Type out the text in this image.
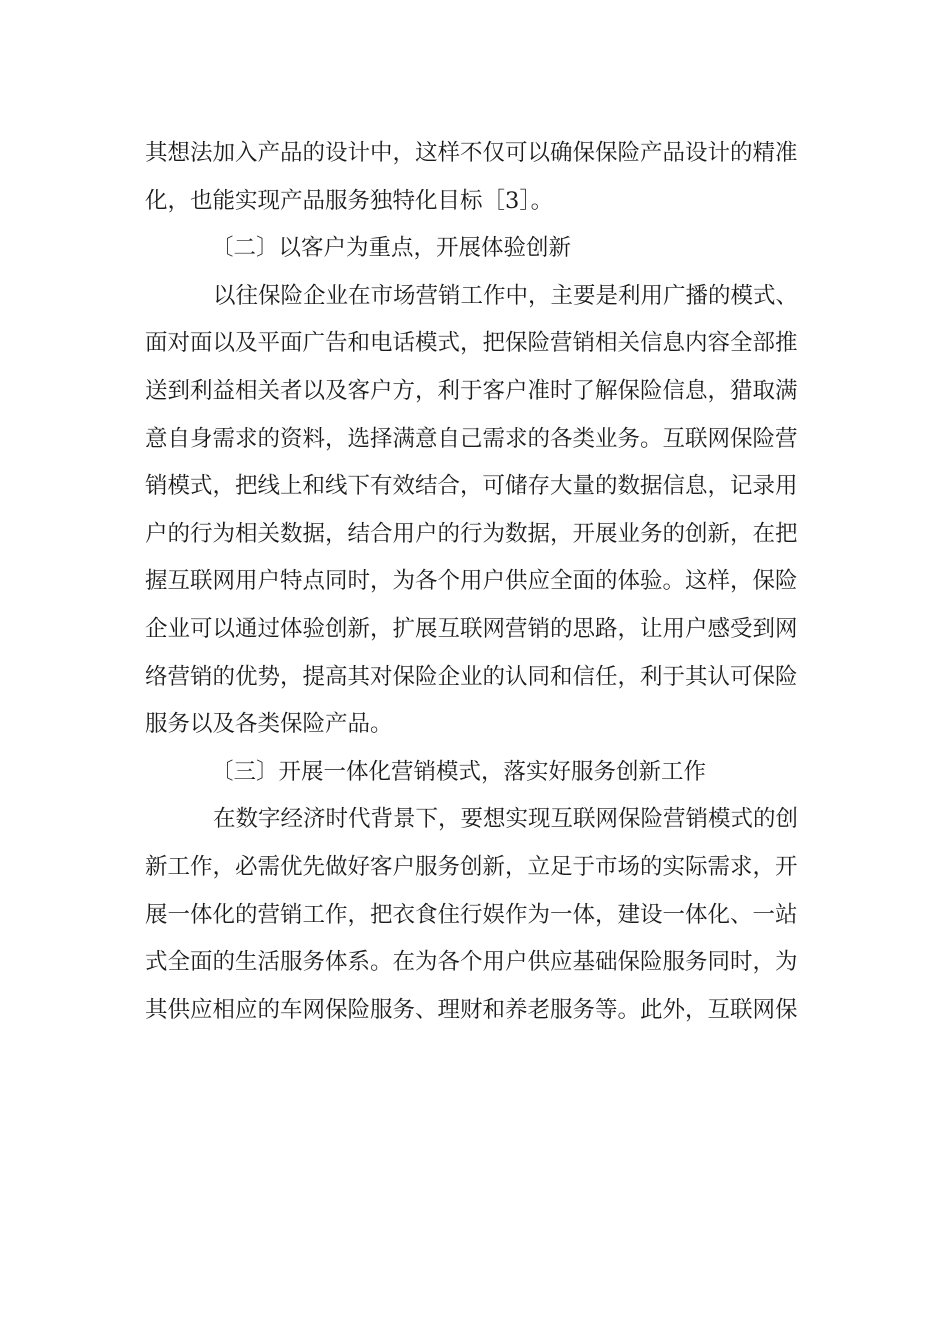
其想法加入产品的设计中，这样不仅可以确保保险产品设计的精准
化，也能实现产品服务独特化目标［3］。
〔二〕以客户为重点，开展体验创新
以往保险企业在市场营销工作中，主要是利用广播的模式、
面对面以及平面广告和电话模式，把保险营销相关信息内容全部推
送到利益相关者以及客户方，利于客户准时了解保险信息，猎取满
意自身需求的资料，选择满意自己需求的各类业务。互联网保险营
销模式，把线上和线下有效结合，可储存大量的数据信息，记录用
户的行为相关数据，结合用户的行为数据，开展业务的创新，在把
握互联网用户特点同时，为各个用户供应全面的体验。这样，保险
企业可以通过体验创新，扩展互联网营销的思路，让用户感受到网
络营销的优势，提高其对保险企业的认同和信任，利于其认可保险
服务以及各类保险产品。
〔三〕开展一体化营销模式，落实好服务创新工作
在数字经济时代背景下，要想实现互联网保险营销模式的创
新工作，必需优先做好客户服务创新，立足于市场的实际需求，开
展一体化的营销工作，把衣食住行娱作为一体，建设一体化、一站
式全面的生活服务体系。在为各个用户供应基础保险服务同时，为
其供应相应的车网保险服务、理财和养老服务等。此外，互联网保
